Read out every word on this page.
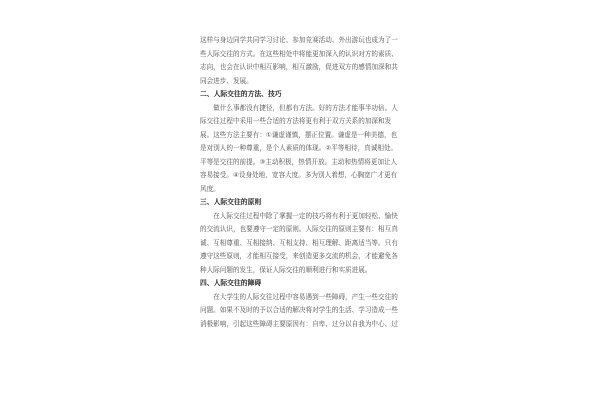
这样与身边同学共同学习讨论、参加竞赛活动、外出游玩也成为了一些人际交往的方式。在这些相处中将能更加深入的认识对方的素质、志向，也会在认识中相互影响，相互激励，促进双方的感情加深和共同会进步、发展。

二、人际交往的方法、技巧

　　做什么事都没有捷径，但都有方法。好的方法才能事半功倍。人际交往过程中采用一些合适的方法将更有利于双方关系的加深和发展。这些方法主要有：①谦虚谨慎，摆正位置。谦虚是一种美德，也是对别人的一种尊重，是个人素质的体现。②平等相待，真诚相处。平等是交往的前提。③主动积极，热情开放。主动和热情将更加让人容易接受。④设身处地，宽容大度。多为别人着想，心胸宽广才更有风度。

三、人际交往的原则

　　在人际交往过程中除了掌握一定的技巧将有利于更加轻松、愉快的交流认识，也要遵守一定的原则。人际交往的原则主要有：相互真诚、互相尊重、互相接纳、互相支持、相互理解、距离适当等。只有遵守这些原则，才能相互接受，来创造更多交流的机会，才能避免各种人际问题的发生，保证人际交往的顺利进行和实质进展。

四、人际交往的障碍

　　在大学生的人际交往过程中容易遇到一些障碍，产生一些交往的问题。如果不及时的予以合适的解决将对学生的生活、学习造成一些消极影响，引起这些障碍主要原因有：自卑、过分以自我为中心、过
